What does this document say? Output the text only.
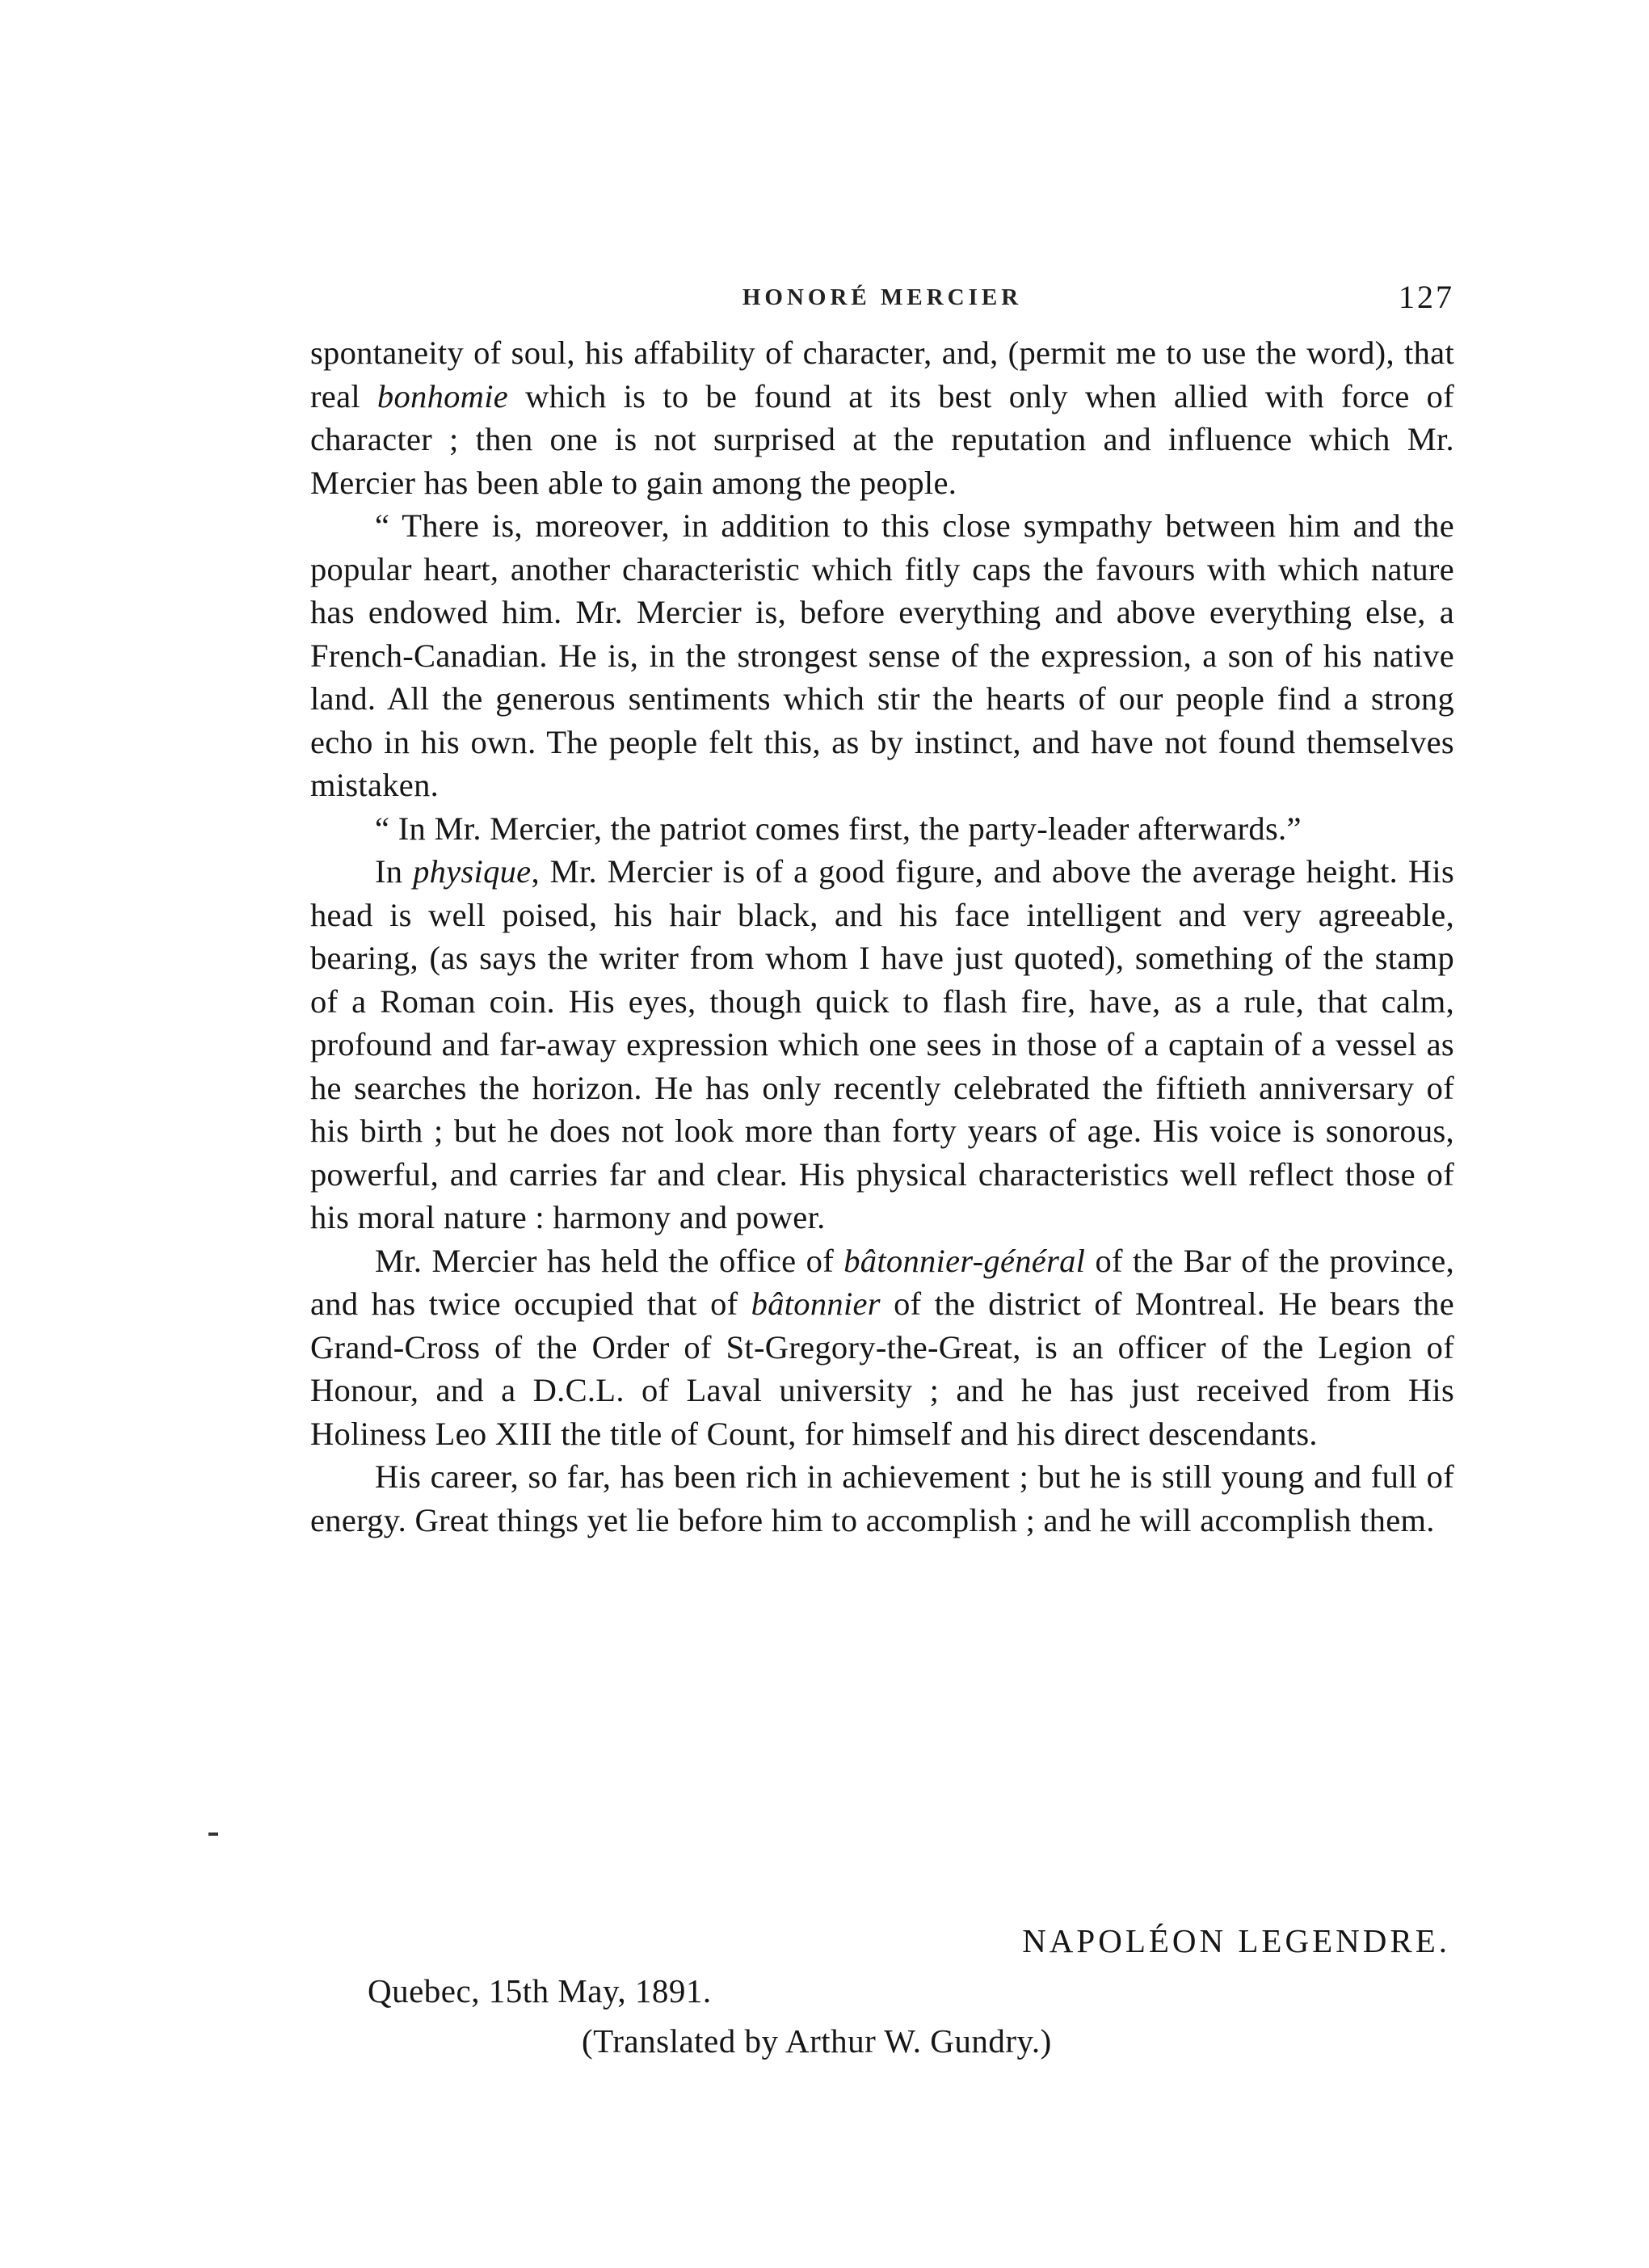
HONORÉ MERCIER	127

spontaneity of soul, his affability of character, and, (permit me to use the word), that real bonhomie which is to be found at its best only when allied with force of character ; then one is not surprised at the reputation and influence which Mr. Mercier has been able to gain among the people.

“ There is, moreover, in addition to this close sympathy between him and the popular heart, another characteristic which fitly caps the favours with which nature has endowed him. Mr. Mercier is, before everything and above everything else, a French-Canadian. He is, in the strongest sense of the expression, a son of his native land. All the generous sentiments which stir the hearts of our people find a strong echo in his own. The people felt this, as by instinct, and have not found themselves mistaken.

“ In Mr. Mercier, the patriot comes first, the party-leader afterwards.”

In physique, Mr. Mercier is of a good figure, and above the average height. His head is well poised, his hair black, and his face intelligent and very agreeable, bearing, (as says the writer from whom I have just quoted), something of the stamp of a Roman coin. His eyes, though quick to flash fire, have, as a rule, that calm, profound and far-away expression which one sees in those of a captain of a vessel as he searches the horizon. He has only recently celebrated the fiftieth anniversary of his birth ; but he does not look more than forty years of age. His voice is sonorous, powerful, and carries far and clear. His physical characteristics well reflect those of his moral nature : harmony and power.

Mr. Mercier has held the office of bâtonnier-général of the Bar of the province, and has twice occupied that of bâtonnier of the district of Montreal. He bears the Grand-Cross of the Order of St-Gregory-the-Great, is an officer of the Legion of Honour, and a D.C.L. of Laval university ; and he has just received from His Holiness Leo XIII the title of Count, for himself and his direct descendants.

His career, so far, has been rich in achievement ; but he is still young and full of energy. Great things yet lie before him to accomplish ; and he will accomplish them.

NAPOLÉON LEGENDRE.
Quebec, 15th May, 1891.
(Translated by Arthur W. Gundry.)
